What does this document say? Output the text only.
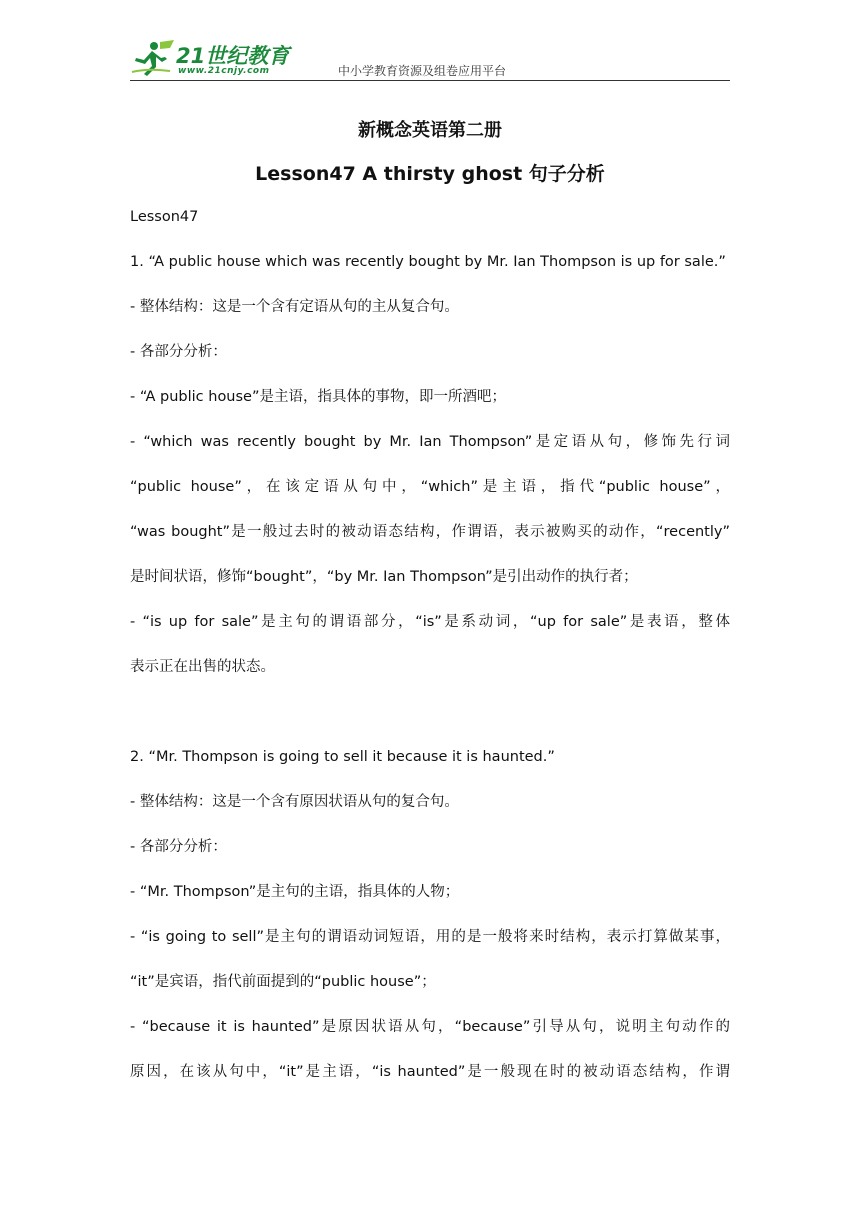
21世纪教育
www.21cnjy.com	中小学教育资源及组卷应用平台
新概念英语第二册
Lesson47 A thirsty ghost 句子分析
Lesson47
1. “A public house which was recently bought by Mr. Ian Thompson is up for sale.”
- 整体结构：这是一个含有定语从句的主从复合句。
- 各部分分析：
- “A public house”是主语，指具体的事物，即一所酒吧；
- “which was recently bought by Mr. Ian Thompson”是定语从句，修饰先行词
“public house”，在该定语从句中，“which”是主语，指代“public house”，
“was bought”是一般过去时的被动语态结构，作谓语，表示被购买的动作，“recently”
是时间状语，修饰“bought”，“by Mr. Ian Thompson”是引出动作的执行者；
- “is up for sale”是主句的谓语部分，“is”是系动词，“up for sale”是表语，整体
表示正在出售的状态。
2. “Mr. Thompson is going to sell it because it is haunted.”
- 整体结构：这是一个含有原因状语从句的复合句。
- 各部分分析：
- “Mr. Thompson”是主句的主语，指具体的人物；
- “is going to sell”是主句的谓语动词短语，用的是一般将来时结构，表示打算做某事，
“it”是宾语，指代前面提到的“public house”；
- “because it is haunted”是原因状语从句，“because”引导从句，说明主句动作的
原因，在该从句中，“it”是主语，“is haunted”是一般现在时的被动语态结构，作谓
